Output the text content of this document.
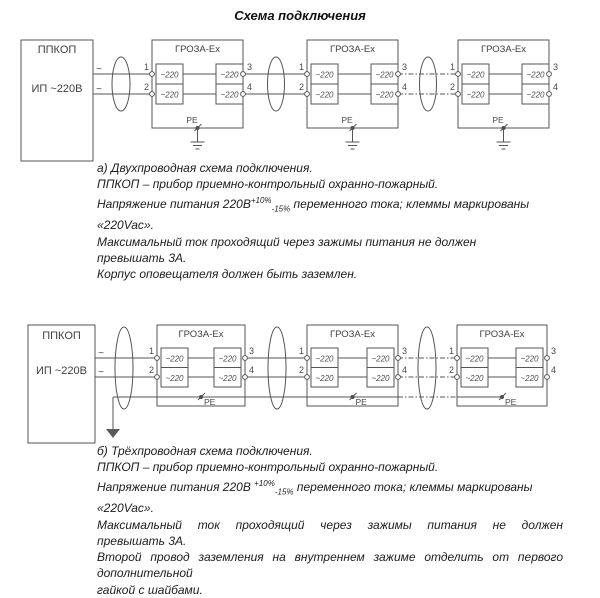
Схема подключения
ППКОП
ИП ~220В
~
~
ГРОЗА-Ex
~220
~220
~220
~220
1
2
3
4
PE
ГРОЗА-Ex
~220
~220
~220
~220
1
2
3
4
PE
ГРОЗА-Ex
~220
~220
~220
~220
1
2
3
4
PE
а) Двухпроводная схема подключения.
ППКОП – прибор приемно-контрольный охранно-пожарный.
Напряжение питания $220В^{+10\%}_{-15\%}$ переменного тока; клеммы маркированы
«220Vac».
Максимальный ток проходящий через зажимы питания не должен
превышать 3А.
Корпус оповещателя должен быть заземлен.
ППКОП
ИП ~220В
~
~
ГРОЗА-Ex
~220
~220
~220
~220
1
2
3
4
PE
ГРОЗА-Ex
~220
~220
~220
~220
1
2
3
4
PE
ГРОЗА-Ex
~220
~220
~220
~220
1
2
3
4
PE
б) Трёхпроводная схема подключения.
ППКОП – прибор приемно-контрольный охранно-пожарный.
Напряжение питания 220В $^{+10\%}_{-15\%}$ переменного тока; клеммы маркированы
«220Vac».
Максимальный ток проходящий через зажимы питания не должен
превышать 3А.
Второй провод заземления на внутреннем зажиме отделить от первого
дополнительной
гайкой с шайбами.
